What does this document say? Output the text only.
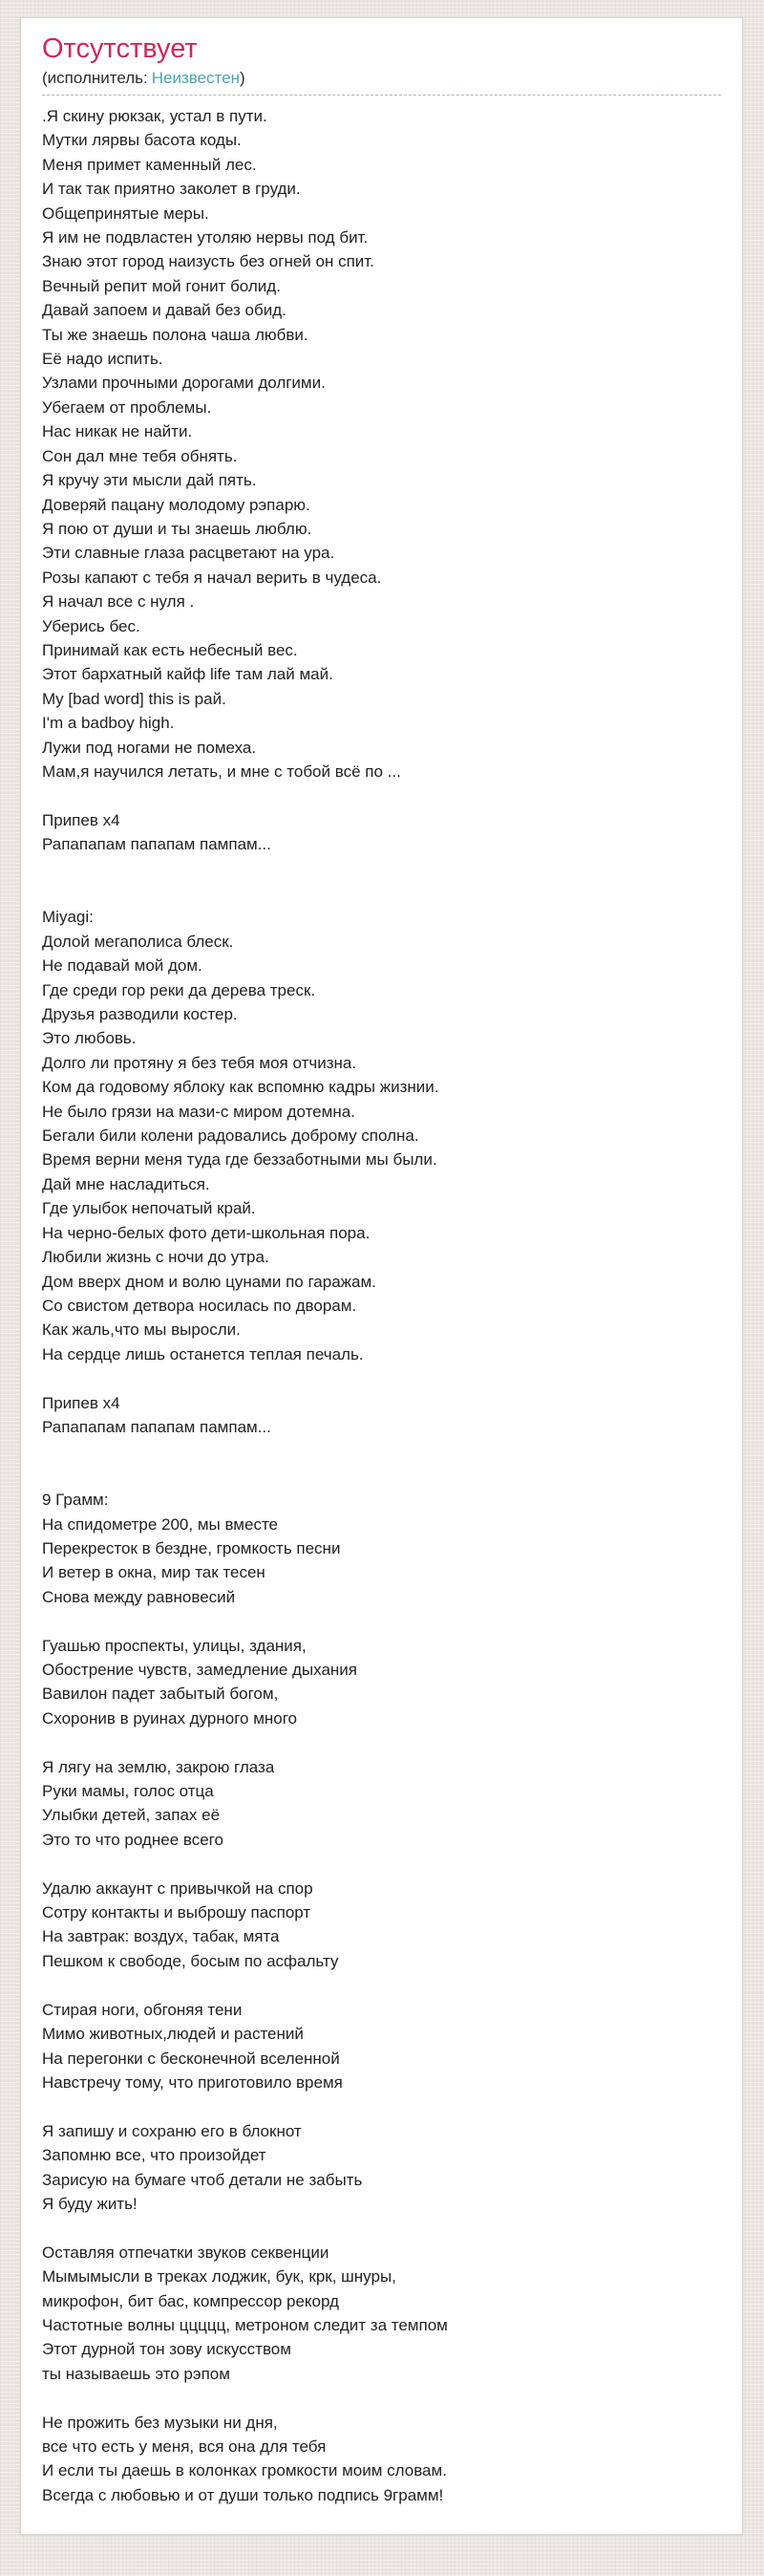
Отсутствует
(исполнитель: Неизвестен)
.Я скину рюкзак, устал в пути.
Мутки лярвы басота коды.
Меня примет каменный лес.
И так так приятно заколет в груди.
Общепринятые меры.
Я им не подвластен утоляю нервы под бит.
Знаю этот город наизусть без огней он спит.
Вечный репит мой гонит болид.
Давай запоем и давай без обид.
Ты же знаешь полона чаша любви.
Её надо испить.
Узлами прочными дорогами долгими.
Убегаем от проблемы.
Нас никак не найти.
Сон дал мне тебя обнять.
Я кручу эти мысли дай пять.
Доверяй пацану молодому рэпарю.
Я пою от души и ты знаешь люблю.
Эти славные глаза расцветают на ура.
Розы капают с тебя я начал верить в чудеса.
Я начал все с нуля .
Уберись бес.
Принимай как есть небесный вес.
Этот бархатный кайф life там лай май.
My [bad word] this is рай.
I'm a badboy high.
Лужи под ногами не помеха.
Мам,я научился летать, и мне с тобой всё по ...

Припев x4
Рапапапам папапам пампам...

Miyagi:
Долой мегаполиса блеск.
Не подавай мой дом.
Где среди гор реки да дерева треск.
Друзья разводили костер.
Это любовь.
Долго ли протяну я без тебя моя отчизна.
Ком да годовому яблоку как вспомню кадры жизнии.
Не было грязи на мази-с миром дотемна.
Бегали били колени радовались доброму сполна.
Время верни меня туда где беззаботными мы были.
Дай мне насладиться.
Где улыбок непочатый край.
На черно-белых фото дети-школьная пора.
Любили жизнь с ночи до утра.
Дом вверх дном и волю цунами по гаражам.
Со свистом детвора носилась по дворам.
Как жаль,что мы выросли.
На сердце лишь останется теплая печаль.

Припев x4
Рапапапам папапам пампам...

9 Грамм:
На спидометре 200, мы вместе
Перекресток в бездне, громкость песни
И ветер в окна, мир так тесен
Снова между равновесий

Гуашью проспекты, улицы, здания,
Обострение чувств, замедление дыхания
Вавилон падет забытый богом,
Схоронив в руинах дурного много

Я лягу на землю, закрою глаза
Руки мамы, голос отца
Улыбки детей, запах её
Это то что роднее всего

Удалю аккаунт с привычкой на спор
Сотру контакты и выброшу паспорт
На завтрак: воздух, табак, мята
Пешком к свободе, босым по асфальту

Стирая ноги, обгоняя тени
Мимо животных,людей и растений
На перегонки с бесконечной вселенной
Навстречу тому, что приготовило время

Я запишу и сохраню его в блокнот
Запомню все, что произойдет
Зарисую на бумаге чтоб детали не забыть
Я буду жить!

Оставляя отпечатки звуков секвенции
Мымымысли в треках лоджик, бук, крк, шнуры,
микрофон, бит бас, компрессор рекорд
Частотные волны ццццц, метроном следит за темпом
Этот дурной тон зову искусством
ты называешь это рэпом

Не прожить без музыки ни дня,
все что есть у меня, вся она для тебя
И если ты даешь в колонках громкости моим словам.
Всегда с любовью и от души только подпись 9грамм!
